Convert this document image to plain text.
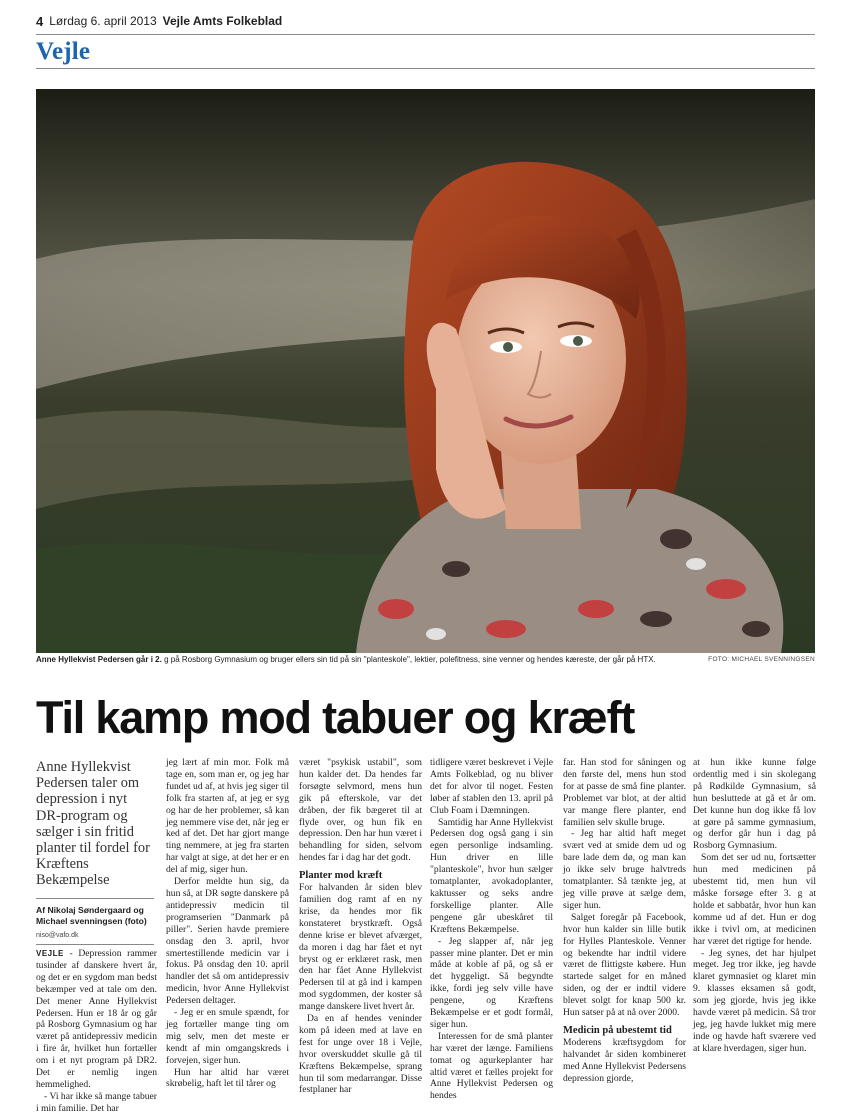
4 Lørdag 6. april 2013 Vejle Amts Folkeblad
Vejle
Anne Hyllekvist Pedersen går i 2. g på Rosborg Gymnasium og bruger ellers sin tid på sin "planteskole", lektier, polefitness, sine venner og hendes kæreste, der går på HTX.	FOTO: MICHAEL SVENNINGSEN
Til kamp mod tabuer og kræft
Anne Hyllekvist Pedersen taler om depression i nyt DR-program og sælger i sin fritid planter til fordel for Kræftens Bekæmpelse
Af Nikolaj Søndergaard og Michael svenningsen (foto)
niso@vafo.dk

VEJLE - Depression rammer tusinder af danskere hvert år, og det er en sygdom man bedst bekæmper ved at tale om den. Det mener Anne Hyllekvist Pedersen. Hun er 18 år og går på Rosborg Gymnasium og har været på antidepressiv medicin i fire år, hvilket hun fortæller om i et nyt program på DR2. Det er nemlig ingen hemmelighed.

- Vi har ikke så mange tabuer i min familie. Det har

jeg lært af min mor. Folk må tage en, som man er, og jeg har fundet ud af, at hvis jeg siger til folk fra starten af, at jeg er syg og har de her problemer, så kan jeg nemmere vise det, når jeg er ked af det. Det har gjort mange ting nemmere, at jeg fra starten har valgt at sige, at det her er en del af mig, siger hun.

Derfor meldte hun sig, da hun så, at DR søgte danskere på antidepressiv medicin til programserien "Danmark på piller". Serien havde premiere onsdag den 3. april, hvor smertestillende medicin var i fokus. På onsdag den 10. april handler det så om antidepressiv medicin, hvor Anne Hyllekvist Pedersen deltager.

- Jeg er en smule spændt, for jeg fortæller mange ting om mig selv, men det meste er kendt af min omgangskreds i forvejen, siger hun.

Hun har altid har været skrøbelig, haft let til tårer og

været "psykisk ustabil", som hun kalder det. Da hendes far forsøgte selvmord, mens hun gik på efterskole, var det dråben, der fik bægeret til at flyde over, og hun fik en depression. Den har hun været i behandling for siden, selvom hendes far i dag har det godt.

Planter mod kræft

For halvanden år siden blev familien dog ramt af en ny krise, da hendes mor fik konstateret brystkræft. Også denne krise er blevet afværget, da moren i dag har fået et nyt bryst og er erklæret rask, men den har fået Anne Hyllekvist Pedersen til at gå ind i kampen mod sygdommen, der koster så mange danskere livet hvert år.

Da en af hendes veninder kom på ideen med at lave en fest for unge over 18 i Vejle, hvor overskuddet skulle gå til Kræftens Bekæmpelse, sprang hun til som medarrangør. Disse festplaner har

tidligere været beskrevet i Vejle Amts Folkeblad, og nu bliver det for alvor til noget. Festen løber af stablen den 13. april på Club Foam i Dæmningen.

Samtidig har Anne Hyllekvist Pedersen dog også gang i sin egen personlige indsamling. Hun driver en lille "planteskole", hvor hun sælger tomatplanter, avokadoplanter, kaktusser og seks andre forskellige planter. Alle pengene går ubeskåret til Kræftens Bekæmpelse.

- Jeg slapper af, når jeg passer mine planter. Det er min måde at koble af på, og så er det hyggeligt. Så begyndte ikke, fordi jeg selv ville have pengene, og Kræftens Bekæmpelse er et godt formål, siger hun.

Interessen for de små planter har været der længe. Familiens tomat og agurkeplanter har altid været et fælles projekt for Anne Hyllekvist Pedersen og hendes

far. Han stod for såningen og den første del, mens hun stod for at passe de små fine planter. Problemet var blot, at der altid var mange flere planter, end familien selv skulle bruge.

- Jeg har altid haft meget svært ved at smide dem ud og bare lade dem dø, og man kan jo ikke selv bruge halvtreds tomatplanter. Så tænkte jeg, at jeg ville prøve at sælge dem, siger hun.

Salget foregår på Facebook, hvor hun kalder sin lille butik for Hylles Planteskole. Venner og bekendte har indtil videre været de flittigste købere. Hun startede salget for en måned siden, og der er indtil videre blevet solgt for knap 500 kr. Hun satser på at nå over 2000.

Medicin på ubestemt tid

Moderens kræftsygdom for halvandet år siden kombineret med Anne Hyllekvist Pedersens depression gjorde,

at hun ikke kunne følge ordentlig med i sin skolegang på Rødkilde Gymnasium, så hun besluttede at gå et år om. Det kunne hun dog ikke få lov at gøre på samme gymnasium, og derfor går hun i dag på Rosborg Gymnasium.

Som det ser ud nu, fortsætter hun med medicinen på ubestemt tid, men hun vil måske forsøge efter 3. g at holde et sabbatår, hvor hun kan komme ud af det. Hun er dog ikke i tvivl om, at medicinen har været det rigtige for hende.

- Jeg synes, det har hjulpet meget. Jeg tror ikke, jeg havde klaret gymnasiet og klaret min 9. klasses eksamen så godt, som jeg gjorde, hvis jeg ikke havde været på medicin. Så tror jeg, jeg havde lukket mig mere inde og havde haft sværere ved at klare hverdagen, siger hun.
